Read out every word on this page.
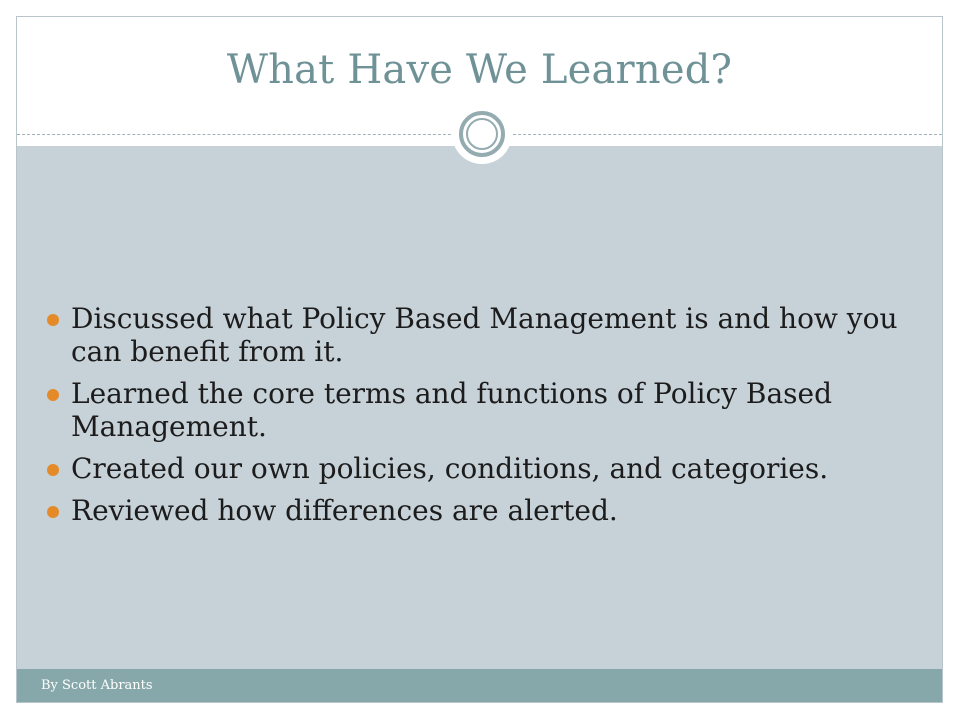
What Have We Learned?
Discussed what Policy Based Management is and how you can benefit from it.
Learned the core terms and functions of Policy Based Management.
Created our own policies, conditions, and categories.
Reviewed how differences are alerted.
By Scott Abrants
